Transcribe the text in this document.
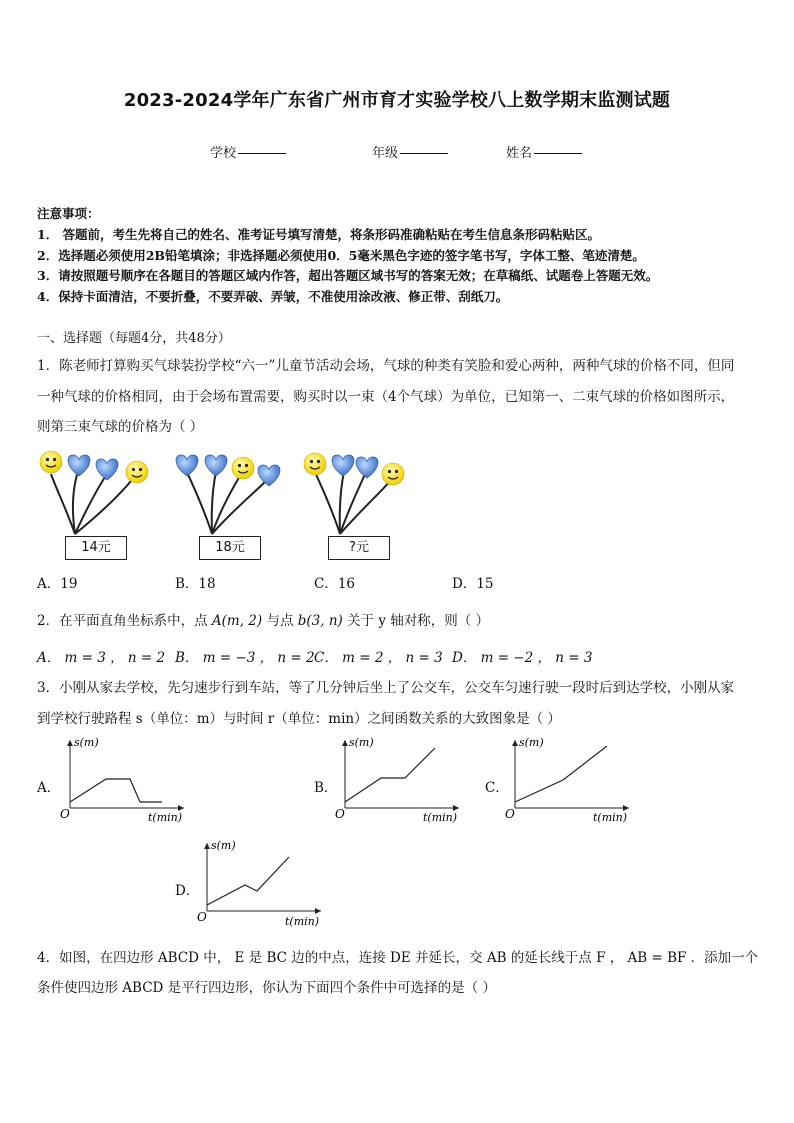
2023-2024学年广东省广州市育才实验学校八上数学期末监测试题
学校	年级	姓名
注意事项：
1． 答题前，考生先将自己的姓名、准考证号填写清楚，将条形码准确粘贴在考生信息条形码粘贴区。
2．选择题必须使用2B铅笔填涂；非选择题必须使用0．5毫米黑色字迹的签字笔书写，字体工整、笔迹清楚。
3．请按照题号顺序在各题目的答题区域内作答，超出答题区域书写的答案无效；在草稿纸、试题卷上答题无效。
4．保持卡面清洁，不要折叠，不要弄破、弄皱，不准使用涂改液、修正带、刮纸刀。
一、选择题（每题4分，共48分）
1．陈老师打算购买气球装扮学校“六一”儿童节活动会场，气球的种类有笑脸和爱心两种，两种气球的价格不同，但同
一种气球的价格相同，由于会场布置需要，购买时以一束（4个气球）为单位，已知第一、二束气球的价格如图所示，
则第三束气球的价格为（ ）
14元	18元	?元
A．19	B．18	C．16	D．15
2．在平面直角坐标系中，点 A(m, 2) 与点 b(3, n) 关于 y 轴对称，则（ ）
A． m = 3 ， n = 2 B． m = −3 ， n = 2 C． m = 2 ， n = 3 D． m = −2 ， n = 3
3．小刚从家去学校，先匀速步行到车站，等了几分钟后坐上了公交车，公交车匀速行驶一段时后到达学校，小刚从家
到学校行驶路程 s（单位：m）与时间 r（单位：min）之间函数关系的大致图象是（ ）
A．
s(m)
O	t(min)
B．
s(m)
O	t(min)
C．
s(m)
O	t(min)
D．
s(m)
O	t(min)
4．如图，在四边形 ABCD 中， E 是 BC 边的中点，连接 DE 并延长，交 AB 的延长线于点 F ， AB = BF ．添加一个
条件使四边形 ABCD 是平行四边形，你认为下面四个条件中可选择的是（ ）
